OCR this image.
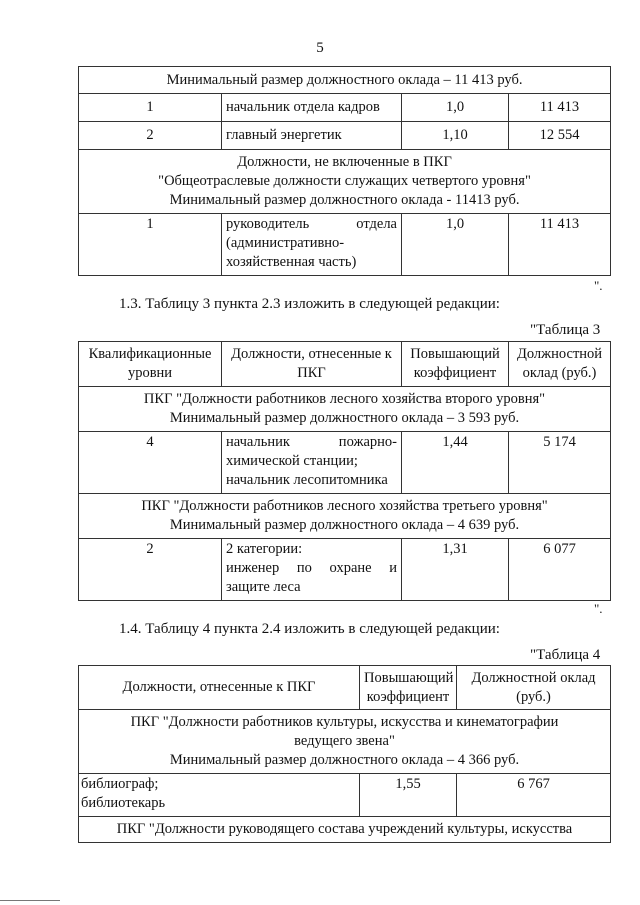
5
Минимальный размер должностного оклада – 11 413 руб.			
1	начальник отдела кадров	1,0	11 413
2	главный энергетик	1,10	12 554

Должности, не включенные в ПКГ
"Общеотраслевые должности служащих четвертого уровня"
Минимальный размер должностного оклада - 11413 руб.			

1	руководитель отдела
(административно-
хозяйственная часть)	1,0	11 413
".
1.3. Таблицу 3 пункта 2.3 изложить в следующей редакции:
"Таблица 3
Квалификационные
уровни	Должности, отнесенные к
ПКГ	Повышающий
коэффициент	Должностной
оклад (руб.)

ПКГ "Должности работников лесного хозяйства второго уровня"
Минимальный размер должностного оклада – 3 593 руб.			

4	начальник пожарно-
химической станции;
начальник лесопитомника	1,44	5 174

ПКГ "Должности работников лесного хозяйства третьего уровня"
Минимальный размер должностного оклада – 4 639 руб.			

2	2 категории:
инженер по охране и
защите леса	1,31	6 077
".
1.4. Таблицу 4 пункта 2.4 изложить в следующей редакции:
"Таблица 4
Должности, отнесенные к ПКГ	Повышающий
коэффициент	Должностной оклад
(руб.)

ПКГ "Должности работников культуры, искусства и кинематографии
ведущего звена"
Минимальный размер должностного оклада – 4 366 руб.		

библиограф;
библиотекарь	1,55	6 767
ПКГ "Должности руководящего состава учреждений культуры, искусства		
